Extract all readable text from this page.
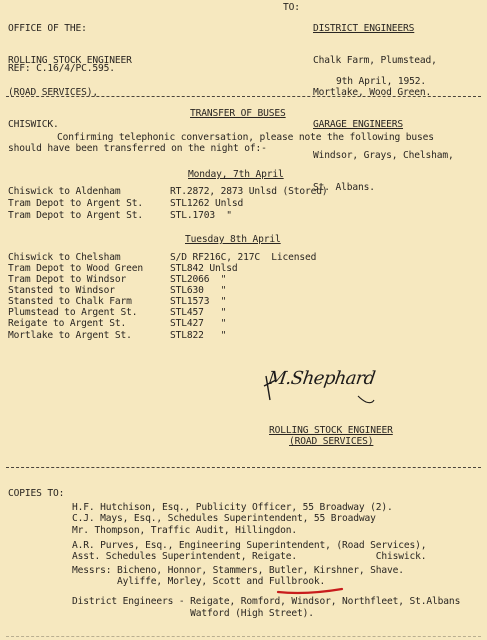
OFFICE OF THE:

ROLLING STOCK ENGINEER

(ROAD SERVICES),

CHISWICK.

REF: C.16/4/PC.595.
TO:

DISTRICT ENGINEERS

Chalk Farm, Plumstead,

Mortlake, Wood Green.

GARAGE ENGINEERS

Windsor, Grays, Chelsham,

St. Albans.

9th April, 1952.
TRANSFER OF BUSES
Confirming telephonic conversation, please note the following buses
should have been transferred on the night of:-
Monday, 7th April
Chiswick to Aldenham	RT.2872, 2873 Unlsd (Stored)
Tram Depot to Argent St.	STL1262 Unlsd
Tram Depot to Argent St.	STL.1703  "
Tuesday 8th April
Chiswick to Chelsham	S/D RF216C, 217C  Licensed
Tram Depot to Wood Green	STL842 Unlsd
Tram Depot to Windsor	STL2066  "
Stansted to Windsor	STL630   "
Stansted to Chalk Farm	STL1573  "
Plumstead to Argent St.	STL457   "
Reigate to Argent St.	STL427   "
Mortlake to Argent St.	STL822   "
M.Shephard
ROLLING STOCK ENGINEER
(ROAD SERVICES)
COPIES TO:
H.F. Hutchison, Esq., Publicity Officer, 55 Broadway (2).
C.J. Mays, Esq., Schedules Superintendent, 55 Broadway
Mr. Thompson, Traffic Audit, Hillingdon.
A.R. Purves, Esq., Engineering Superintendent, (Road Services),
Asst. Schedules Superintendent, Reigate.              Chiswick.
Messrs: Bicheno, Honnor, Stammers, Butler, Kirshner, Shave.
Ayliffe, Morley, Scott and Fullbrook.
District Engineers - Reigate, Romford, Windsor, Northfleet, St.Albans
Watford (High Street).
